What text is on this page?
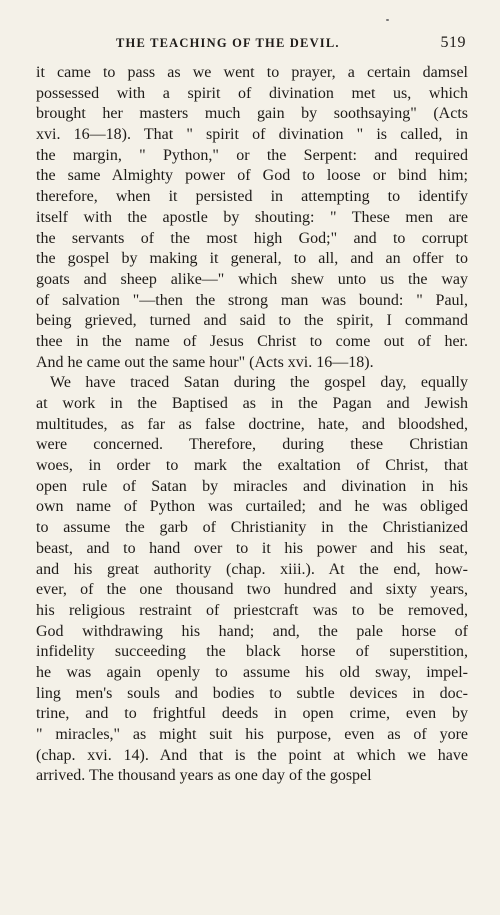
THE TEACHING OF THE DEVIL.	519
it came to pass as we went to prayer, a certain damsel
possessed with a spirit of divination met us, which
brought her masters much gain by soothsaying" (Acts
xvi. 16—18). That " spirit of divination " is called, in
the margin, " Python," or the Serpent: and required
the same Almighty power of God to loose or bind him;
therefore, when it persisted in attempting to identify
itself with the apostle by shouting: " These men are
the servants of the most high God;" and to corrupt
the gospel by making it general, to all, and an offer to
goats and sheep alike—" which shew unto us the way
of salvation "—then the strong man was bound: " Paul,
being grieved, turned and said to the spirit, I command
thee in the name of Jesus Christ to come out of her.
And he came out the same hour" (Acts xvi. 16—18).
We have traced Satan during the gospel day, equally
at work in the Baptised as in the Pagan and Jewish
multitudes, as far as false doctrine, hate, and bloodshed,
were concerned. Therefore, during these Christian
woes, in order to mark the exaltation of Christ, that
open rule of Satan by miracles and divination in his
own name of Python was curtailed; and he was obliged
to assume the garb of Christianity in the Christianized
beast, and to hand over to it his power and his seat,
and his great authority (chap. xiii.). At the end, how-
ever, of the one thousand two hundred and sixty years,
his religious restraint of priestcraft was to be removed,
God withdrawing his hand; and, the pale horse of
infidelity succeeding the black horse of superstition,
he was again openly to assume his old sway, impel-
ling men's souls and bodies to subtle devices in doc-
trine, and to frightful deeds in open crime, even by
" miracles," as might suit his purpose, even as of yore
(chap. xvi. 14). And that is the point at which we have
arrived. The thousand years as one day of the gospel
